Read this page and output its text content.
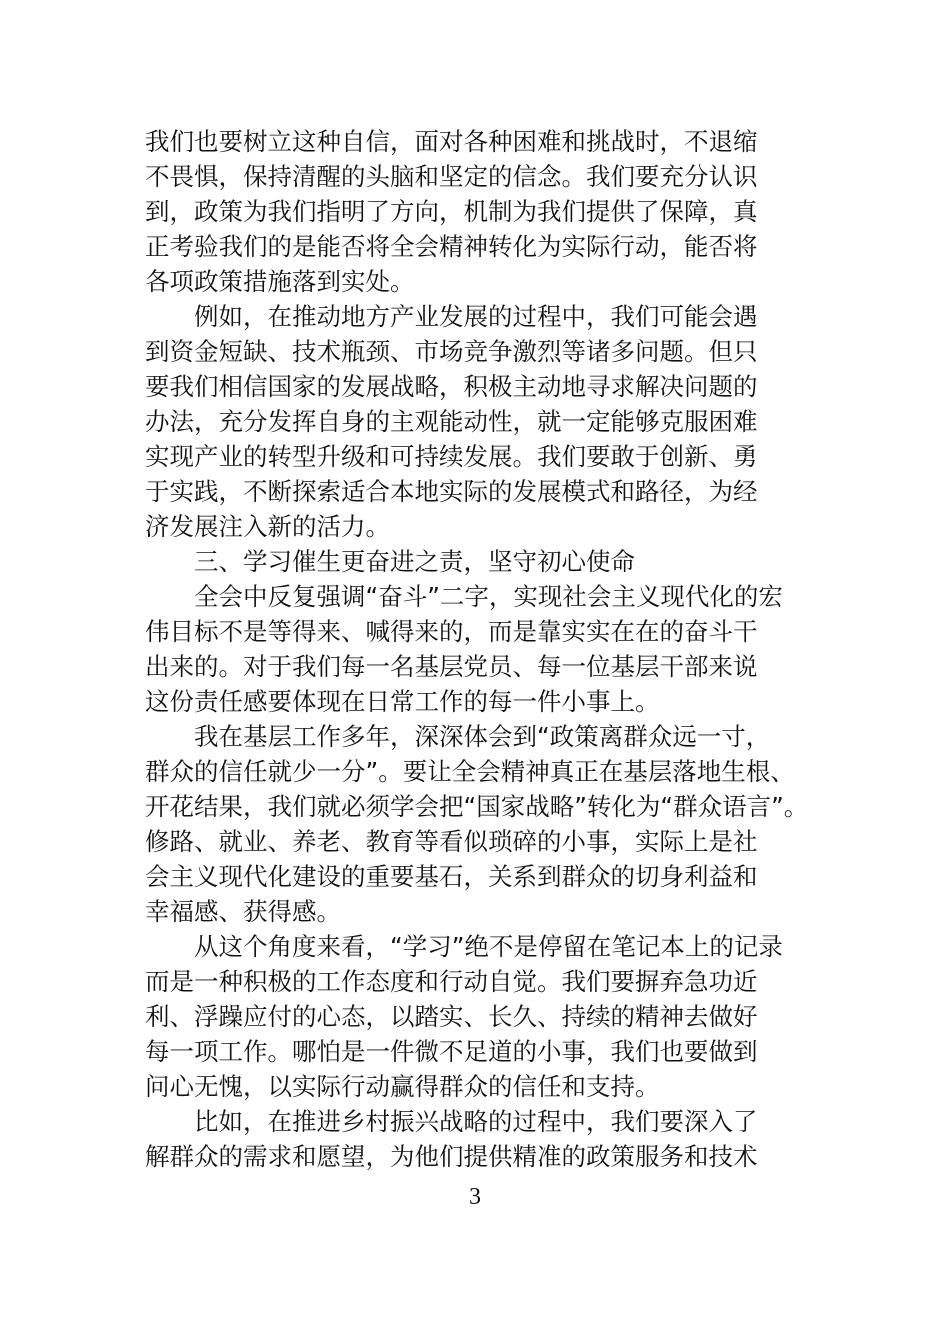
我们也要树立这种自信，面对各种困难和挑战时，不退缩
不畏惧，保持清醒的头脑和坚定的信念。我们要充分认识
到，政策为我们指明了方向，机制为我们提供了保障，真
正考验我们的是能否将全会精神转化为实际行动，能否将
各项政策措施落到实处。
例如，在推动地方产业发展的过程中，我们可能会遇
到资金短缺、技术瓶颈、市场竞争激烈等诸多问题。但只
要我们相信国家的发展战略，积极主动地寻求解决问题的
办法，充分发挥自身的主观能动性，就一定能够克服困难
实现产业的转型升级和可持续发展。我们要敢于创新、勇
于实践，不断探索适合本地实际的发展模式和路径，为经
济发展注入新的活力。
三、学习催生更奋进之责，坚守初心使命
全会中反复强调“奋斗”二字，实现社会主义现代化的宏
伟目标不是等得来、喊得来的，而是靠实实在在的奋斗干
出来的。对于我们每一名基层党员、每一位基层干部来说
这份责任感要体现在日常工作的每一件小事上。
我在基层工作多年，深深体会到“政策离群众远一寸，
群众的信任就少一分”。要让全会精神真正在基层落地生根、
开花结果，我们就必须学会把“国家战略”转化为“群众语言”。
修路、就业、养老、教育等看似琐碎的小事，实际上是社
会主义现代化建设的重要基石，关系到群众的切身利益和
幸福感、获得感。
从这个角度来看，“学习”绝不是停留在笔记本上的记录
而是一种积极的工作态度和行动自觉。我们要摒弃急功近
利、浮躁应付的心态，以踏实、长久、持续的精神去做好
每一项工作。哪怕是一件微不足道的小事，我们也要做到
问心无愧，以实际行动赢得群众的信任和支持。
比如，在推进乡村振兴战略的过程中，我们要深入了
解群众的需求和愿望，为他们提供精准的政策服务和技术
3
